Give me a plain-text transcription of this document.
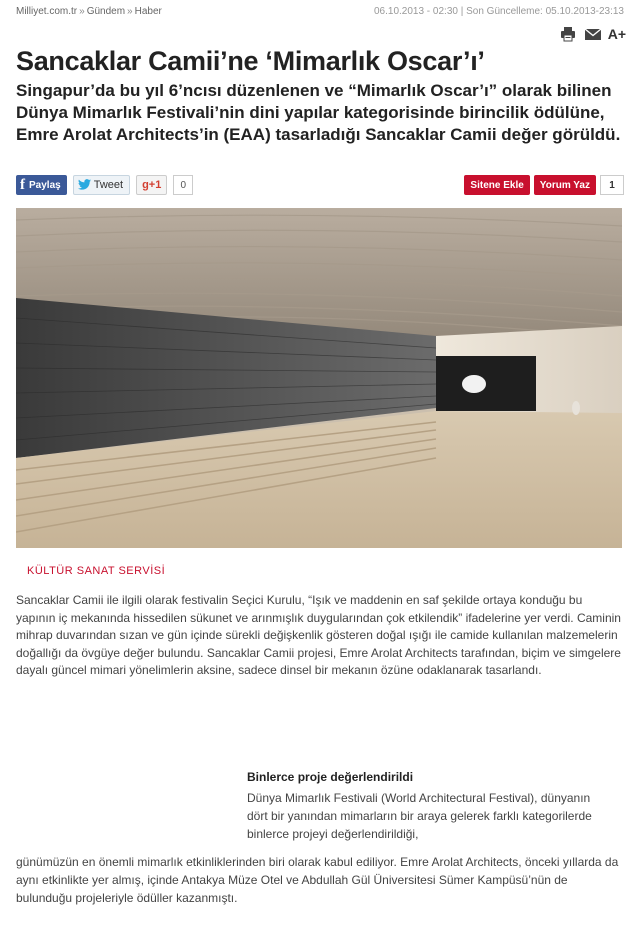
Milliyet.com.tr » Gündem » Haber	06.10.2013 - 02:30 | Son Güncelleme: 05.10.2013-23:13
A+
Sancaklar Camii’ne ‘Mimarlık Oscar’ı’
Singapur’da bu yıl 6’ncısı düzenlenen ve “Mimarlık Oscar’ı” olarak bilinen Dünya Mimarlık Festivali’nin dini yapılar kategorisinde birincilik ödülüne, Emre Arolat Architects’in (EAA) tasarladığı Sancaklar Camii değer görüldü.
f Paylaş	Tweet	g+1	0	Sitene Ekle	Yorum Yaz	1
KÜLTÜR SANAT SERVİSİ

Sancaklar Camii ile ilgili olarak festivalin Seçici Kurulu, “Işık ve maddenin en saf şekilde ortaya konduğu bu yapının iç mekanında hissedilen sükunet ve arınmışlık duygularından çok etkilendik” ifadelerine yer verdi. Caminin mihrap duvarından sızan ve gün içinde sürekli değişkenlik gösteren doğal ışığı ile camide kullanılan malzemelerin doğallığı da övgüye değer bulundu. Sancaklar Camii projesi, Emre Arolat Architects tarafından, biçim ve simgelere dayalı güncel mimari yönelimlerin aksine, sadece dinsel bir mekanın özüne odaklanarak tasarlandı.

Binlerce proje değerlendirildi

Dünya Mimarlık Festivali (World Architectural Festival), dünyanın dört bir yanından mimarların bir araya gelerek farklı kategorilerde binlerce projeyi değerlendirildiği,

günümüzün en önemli mimarlık etkinliklerinden biri olarak kabul ediliyor. Emre Arolat Architects, önceki yıllarda da aynı etkinlikte yer almış, içinde Antakya Müze Otel ve Abdullah Gül Üniversitesi Sümer Kampüsü’nün de bulunduğu projeleriyle ödüller kazanmıştı.
